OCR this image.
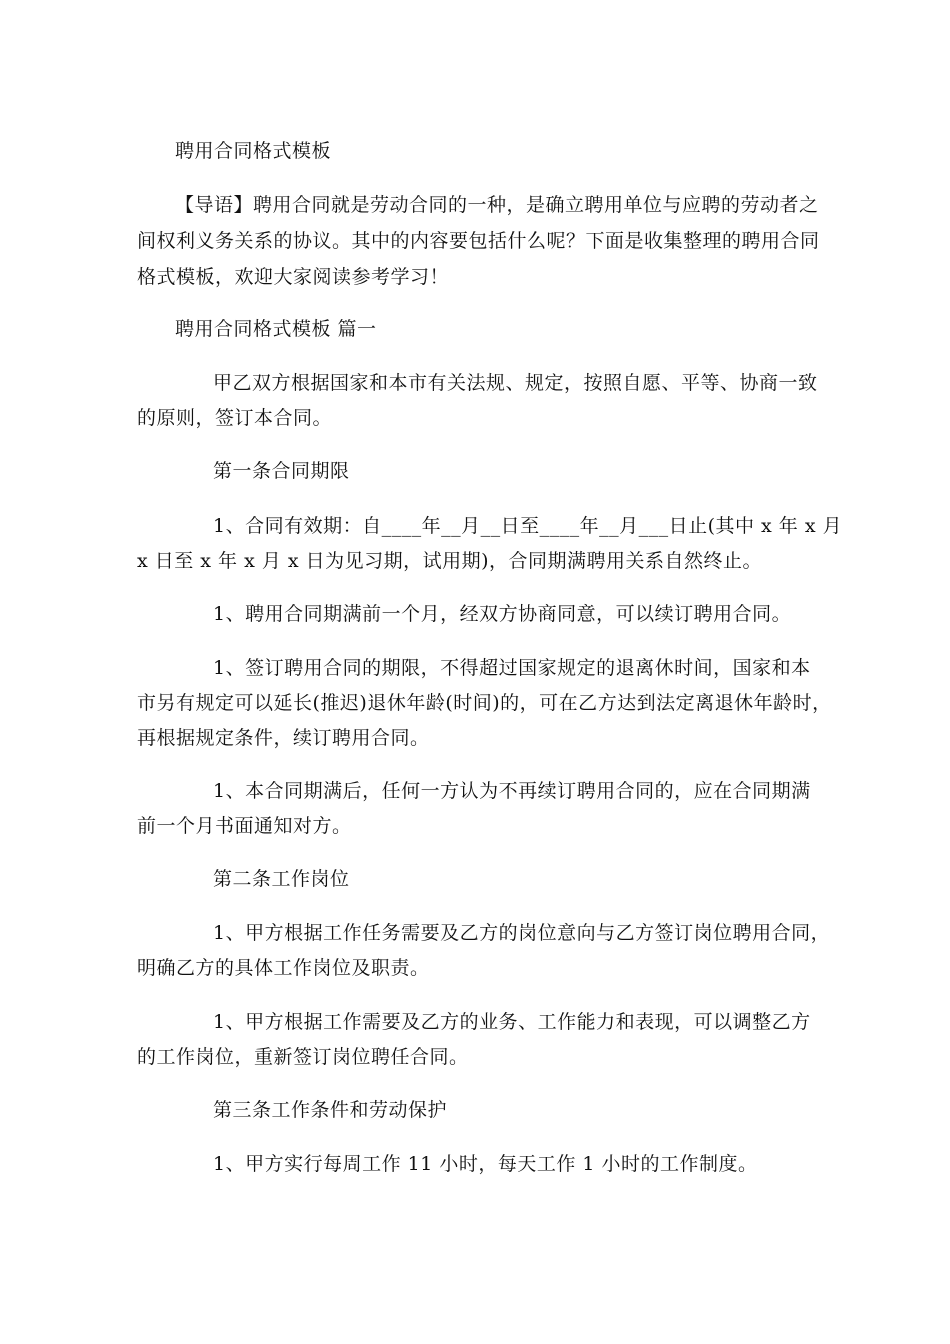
聘用合同格式模板
【导语】聘用合同就是劳动合同的一种，是确立聘用单位与应聘的劳动者之
间权利义务关系的协议。其中的内容要包括什么呢？下面是收集整理的聘用合同
格式模板，欢迎大家阅读参考学习！
聘用合同格式模板 篇一
甲乙双方根据国家和本市有关法规、规定，按照自愿、平等、协商一致
的原则，签订本合同。
第一条合同期限
1、合同有效期：自____年__月__日至____年__月___日止(其中 x 年 x 月
x 日至 x 年 x 月 x 日为见习期，试用期)，合同期满聘用关系自然终止。
1、聘用合同期满前一个月，经双方协商同意，可以续订聘用合同。
1、签订聘用合同的期限，不得超过国家规定的退离休时间，国家和本
市另有规定可以延长(推迟)退休年龄(时间)的，可在乙方达到法定离退休年龄时，
再根据规定条件，续订聘用合同。
1、本合同期满后，任何一方认为不再续订聘用合同的，应在合同期满
前一个月书面通知对方。
第二条工作岗位
1、甲方根据工作任务需要及乙方的岗位意向与乙方签订岗位聘用合同，
明确乙方的具体工作岗位及职责。
1、甲方根据工作需要及乙方的业务、工作能力和表现，可以调整乙方
的工作岗位，重新签订岗位聘任合同。
第三条工作条件和劳动保护
1、甲方实行每周工作 11 小时，每天工作 1 小时的工作制度。
